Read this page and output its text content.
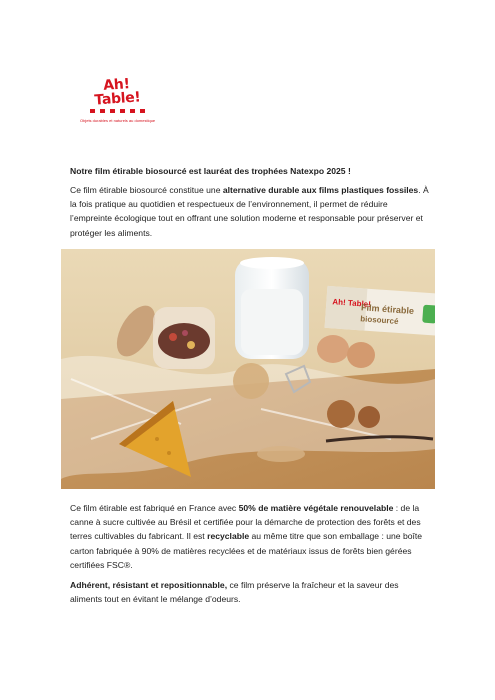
Ah! Table!
Objets durables et naturels au domestique

Notre film étirable biosourcé est lauréat des trophées Natexpo 2025 !

Ce film étirable biosourcé constitue une alternative durable aux films plastiques fossiles. À la fois pratique au quotidien et respectueux de l’environnement, il permet de réduire l’empreinte écologique tout en offrant une solution moderne et responsable pour préserver et protéger les aliments.

Ah! Table!
Film étirable
biosourcé

Ce film étirable est fabriqué en France avec 50% de matière végétale renouvelable : de la canne à sucre cultivée au Brésil et certifiée pour la démarche de protection des forêts et des terres cultivables du fabricant. Il est recyclable au même titre que son emballage : une boîte carton fabriquée à 90% de matières recyclées et de matériaux issus de forêts bien gérées certifiées FSC®.

Adhérent, résistant et repositionnable, ce film préserve la fraîcheur et la saveur des aliments tout en évitant le mélange d’odeurs.
